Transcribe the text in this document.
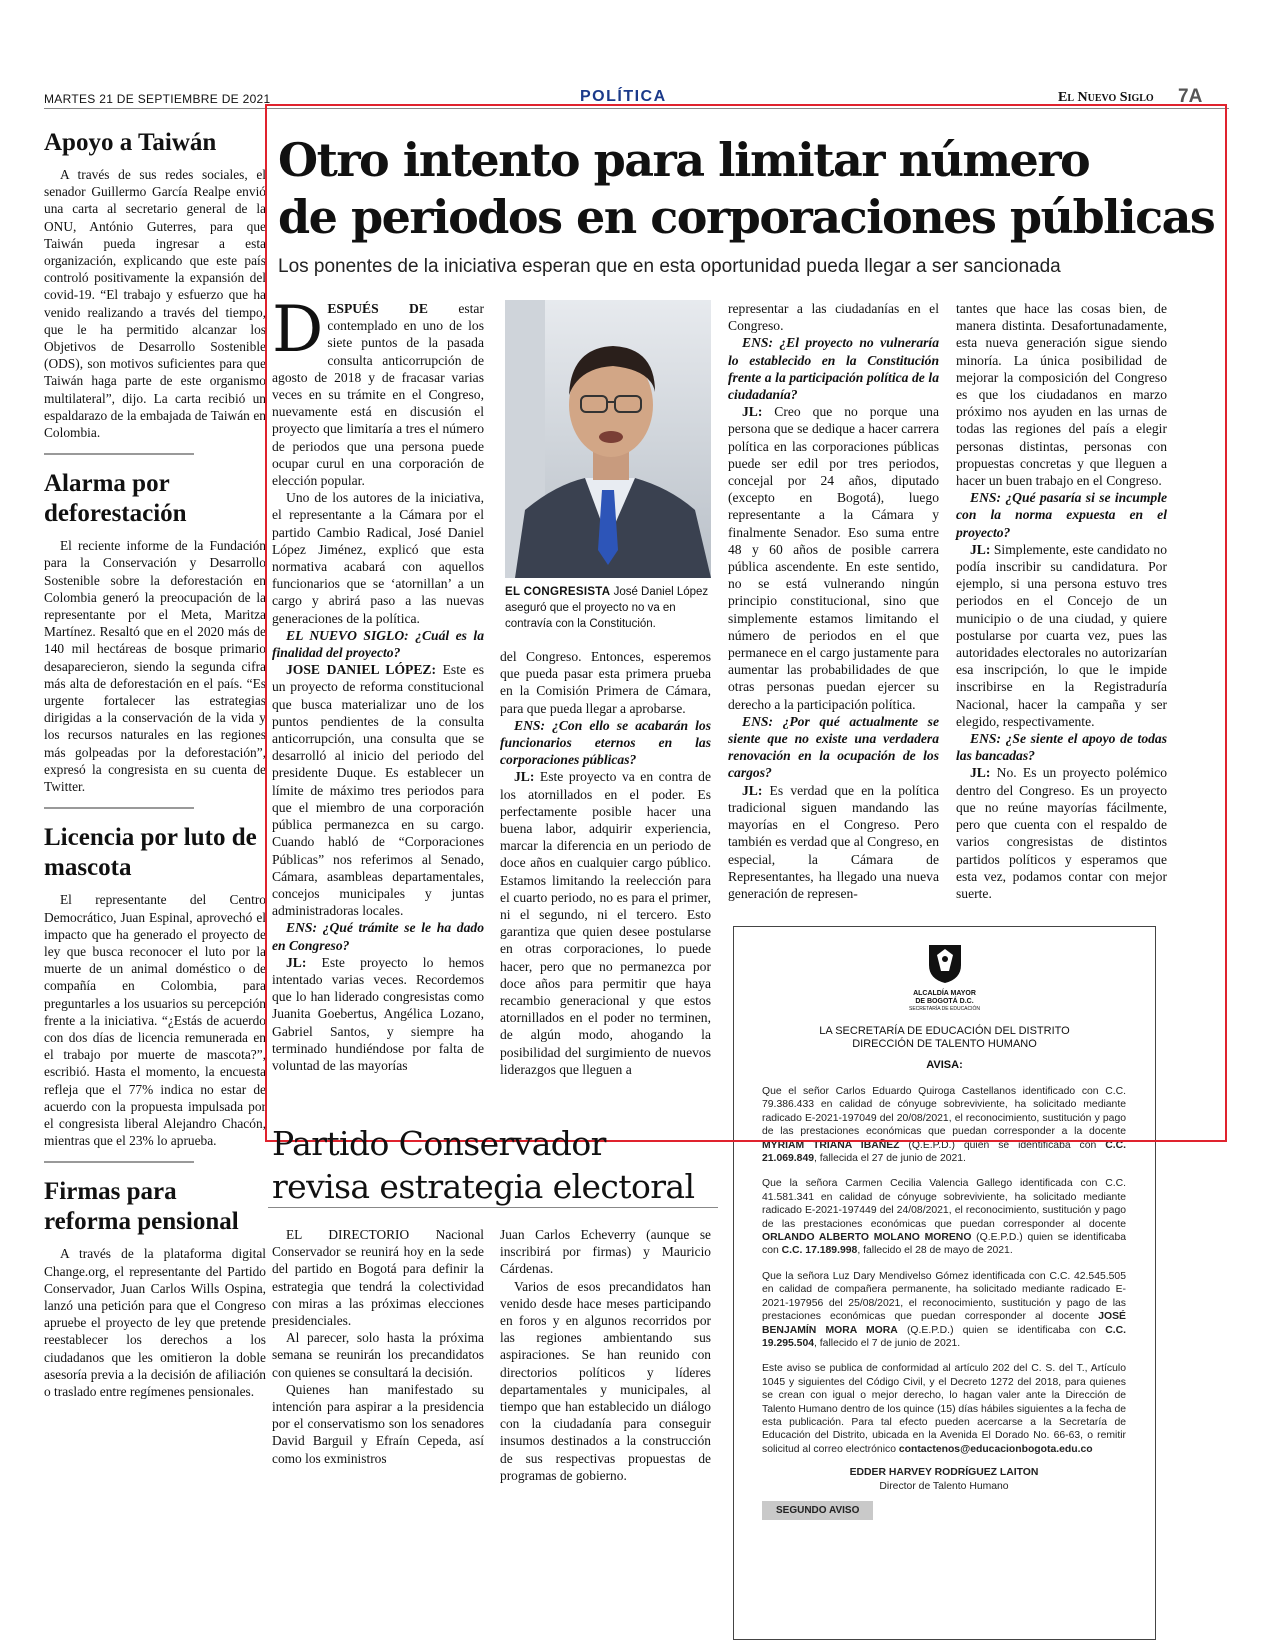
MARTES 21 DE SEPTIEMBRE DE 2021	POLÍTICA	El Nuevo Siglo 7A
Apoyo a Taiwán

A través de sus redes sociales, el senador Guillermo García Realpe envió una carta al secretario general de la ONU, António Guterres, para que Taiwán pueda ingresar a esta organización, explicando que este país controló positivamente la expansión del covid-19. “El trabajo y esfuerzo que ha venido realizando a través del tiempo, que le ha permitido alcanzar los Objetivos de Desarrollo Sostenible (ODS), son motivos suficientes para que Taiwán haga parte de este organismo multilateral”, dijo. La carta recibió un espaldarazo de la embajada de Taiwán en Colombia.

Alarma por deforestación

El reciente informe de la Fundación para la Conservación y Desarrollo Sostenible sobre la deforestación en Colombia generó la preocupación de la representante por el Meta, Maritza Martínez. Resaltó que en el 2020 más de 140 mil hectáreas de bosque primario desaparecieron, siendo la segunda cifra más alta de deforestación en el país. “Es urgente fortalecer las estrategias dirigidas a la conservación de la vida y los recursos naturales en las regiones más golpeadas por la deforestación”, expresó la congresista en su cuenta de Twitter.

Licencia por luto de mascota

El representante del Centro Democrático, Juan Espinal, aprovechó el impacto que ha generado el proyecto de ley que busca reconocer el luto por la muerte de un animal doméstico o de compañía en Colombia, para preguntarles a los usuarios su percepción frente a la iniciativa. “¿Estás de acuerdo con dos días de licencia remunerada en el trabajo por muerte de mascota?”, escribió. Hasta el momento, la encuesta refleja que el 77% indica no estar de acuerdo con la propuesta impulsada por el congresista liberal Alejandro Chacón, mientras que el 23% lo aprueba.

Firmas para reforma pensional

A través de la plataforma digital Change.org, el representante del Partido Conservador, Juan Carlos Wills Ospina, lanzó una petición para que el Congreso apruebe el proyecto de ley que pretende reestablecer los derechos a los ciudadanos que les omitieron la doble asesoría previa a la decisión de afiliación o traslado entre regímenes pensionales.

Otro intento para limitar número
de periodos en corporaciones públicas
Los ponentes de la iniciativa esperan que en esta oportunidad pueda llegar a ser sancionada

DESPUÉS DE estar contemplado en uno de los siete puntos de la pasada consulta anticorrupción de agosto de 2018 y de fracasar varias veces en su trámite en el Congreso, nuevamente está en discusión el proyecto que limitaría a tres el número de periodos que una persona puede ocupar curul en una corporación de elección popular.

Uno de los autores de la iniciativa, el representante a la Cámara por el partido Cambio Radical, José Daniel López Jiménez, explicó que esta normativa acabará con aquellos funcionarios que se ‘atornillan’ a un cargo y abrirá paso a las nuevas generaciones de la política.

EL NUEVO SIGLO: ¿Cuál es la finalidad del proyecto?

JOSE DANIEL LÓPEZ: Este es un proyecto de reforma constitucional que busca materializar uno de los puntos pendientes de la consulta anticorrupción, una consulta que se desarrolló al inicio del periodo del presidente Duque. Es establecer un límite de máximo tres periodos para que el miembro de una corporación pública permanezca en su cargo. Cuando habló de “Corporaciones Públicas” nos referimos al Senado, Cámara, asambleas departamentales, concejos municipales y juntas administradoras locales.

ENS: ¿Qué trámite se le ha dado en Congreso?

JL: Este proyecto lo hemos intentado varias veces. Recordemos que lo han liderado congresistas como Juanita Goebertus, Angélica Lozano, Gabriel Santos, y siempre ha terminado hundiéndose por falta de voluntad de las mayorías

EL CONGRESISTA José Daniel López aseguró que el proyecto no va en contravía con la Constitución.

del Congreso. Entonces, esperemos que pueda pasar esta primera prueba en la Comisión Primera de Cámara, para que pueda llegar a aprobarse.

ENS: ¿Con ello se acabarán los funcionarios eternos en las corporaciones públicas?

JL: Este proyecto va en contra de los atornillados en el poder. Es perfectamente posible hacer una buena labor, adquirir experiencia, marcar la diferencia en un periodo de doce años en cualquier cargo público. Estamos limitando la reelección para el cuarto periodo, no es para el primer, ni el segundo, ni el tercero. Esto garantiza que quien desee postularse en otras corporaciones, lo puede hacer, pero que no permanezca por doce años para permitir que haya recambio generacional y que estos atornillados en el poder no terminen, de algún modo, ahogando la posibilidad del surgimiento de nuevos liderazgos que lleguen a

representar a las ciudadanías en el Congreso.

ENS: ¿El proyecto no vulneraría lo establecido en la Constitución frente a la participación política de la ciudadanía?

JL: Creo que no porque una persona que se dedique a hacer carrera política en las corporaciones públicas puede ser edil por tres periodos, concejal por 24 años, diputado (excepto en Bogotá), luego representante a la Cámara y finalmente Senador. Eso suma entre 48 y 60 años de posible carrera pública ascendente. En este sentido, no se está vulnerando ningún principio constitucional, sino que simplemente estamos limitando el número de periodos en el que permanece en el cargo justamente para aumentar las probabilidades de que otras personas puedan ejercer su derecho a la participación política.

ENS: ¿Por qué actualmente se siente que no existe una verdadera renovación en la ocupación de los cargos?

JL: Es verdad que en la política tradicional siguen mandando las mayorías en el Congreso. Pero también es verdad que al Congreso, en especial, la Cámara de Representantes, ha llegado una nueva generación de represen-

tantes que hace las cosas bien, de manera distinta. Desafortunadamente, esta nueva generación sigue siendo minoría. La única posibilidad de mejorar la composición del Congreso es que los ciudadanos en marzo próximo nos ayuden en las urnas de todas las regiones del país a elegir personas distintas, personas con propuestas concretas y que lleguen a hacer un buen trabajo en el Congreso.

ENS: ¿Qué pasaría si se incumple con la norma expuesta en el proyecto?

JL: Simplemente, este candidato no podía inscribir su candidatura. Por ejemplo, si una persona estuvo tres periodos en el Concejo de un municipio o de una ciudad, y quiere postularse por cuarta vez, pues las autoridades electorales no autorizarían esa inscripción, lo que le impide inscribirse en la Registraduría Nacional, hacer la campaña y ser elegido, respectivamente.

ENS: ¿Se siente el apoyo de todas las bancadas?

JL: No. Es un proyecto polémico dentro del Congreso. Es un proyecto que no reúne mayorías fácilmente, pero que cuenta con el respaldo de varios congresistas de distintos partidos políticos y esperamos que esta vez, podamos contar con mejor suerte.

ALCALDÍA MAYOR
DE BOGOTÁ D.C.
SECRETARÍA DE EDUCACIÓN
LA SECRETARÍA DE EDUCACIÓN DEL DISTRITO
DIRECCIÓN DE TALENTO HUMANO
AVISA:

Que el señor Carlos Eduardo Quiroga Castellanos identificado con C.C. 79.386.433 en calidad de cónyuge sobreviviente, ha solicitado mediante radicado E-2021-197049 del 20/08/2021, el reconocimiento, sustitución y pago de las prestaciones económicas que puedan corresponder a la docente MYRIAM TRIANA IBAÑEZ (Q.E.P.D.) quien se identificaba con C.C. 21.069.849, fallecida el 27 de junio de 2021.

Que la señora Carmen Cecilia Valencia Gallego identificada con C.C. 41.581.341 en calidad de cónyuge sobreviviente, ha solicitado mediante radicado E-2021-197449 del 24/08/2021, el reconocimiento, sustitución y pago de las prestaciones económicas que puedan corresponder al docente ORLANDO ALBERTO MOLANO MORENO (Q.E.P.D.) quien se identificaba con C.C. 17.189.998, fallecido el 28 de mayo de 2021.

Que la señora Luz Dary Mendivelso Gómez identificada con C.C. 42.545.505 en calidad de compañera permanente, ha solicitado mediante radicado E-2021-197956 del 25/08/2021, el reconocimiento, sustitución y pago de las prestaciones económicas que puedan corresponder al docente JOSÉ BENJAMÍN MORA MORA (Q.E.P.D.) quien se identificaba con C.C. 19.295.504, fallecido el 7 de junio de 2021.

Este aviso se publica de conformidad al artículo 202 del C. S. del T., Artículo 1045 y siguientes del Código Civil, y el Decreto 1272 del 2018, para quienes se crean con igual o mejor derecho, lo hagan valer ante la Dirección de Talento Humano dentro de los quince (15) días hábiles siguientes a la fecha de esta publicación. Para tal efecto pueden acercarse a la Secretaría de Educación del Distrito, ubicada en la Avenida El Dorado No. 66-63, o remitir solicitud al correo electrónico contactenos@educacionbogota.edu.co

EDDER HARVEY RODRÍGUEZ LAITON
Director de Talento Humano
SEGUNDO AVISO
Partido Conservador
revisa estrategia electoral

EL DIRECTORIO Nacional Conservador se reunirá hoy en la sede del partido en Bogotá para definir la estrategia que tendrá la colectividad con miras a las próximas elecciones presidenciales.

Al parecer, solo hasta la próxima semana se reunirán los precandidatos con quienes se consultará la decisión.

Quienes han manifestado su intención para aspirar a la presidencia por el conservatismo son los senadores David Barguil y Efraín Cepeda, así como los exministros

Juan Carlos Echeverry (aunque se inscribirá por firmas) y Mauricio Cárdenas.

Varios de esos precandidatos han venido desde hace meses participando en foros y en algunos recorridos por las regiones ambientando sus aspiraciones. Se han reunido con directorios políticos y líderes departamentales y municipales, al tiempo que han establecido un diálogo con la ciudadanía para conseguir insumos destinados a la construcción de sus respectivas propuestas de programas de gobierno.
